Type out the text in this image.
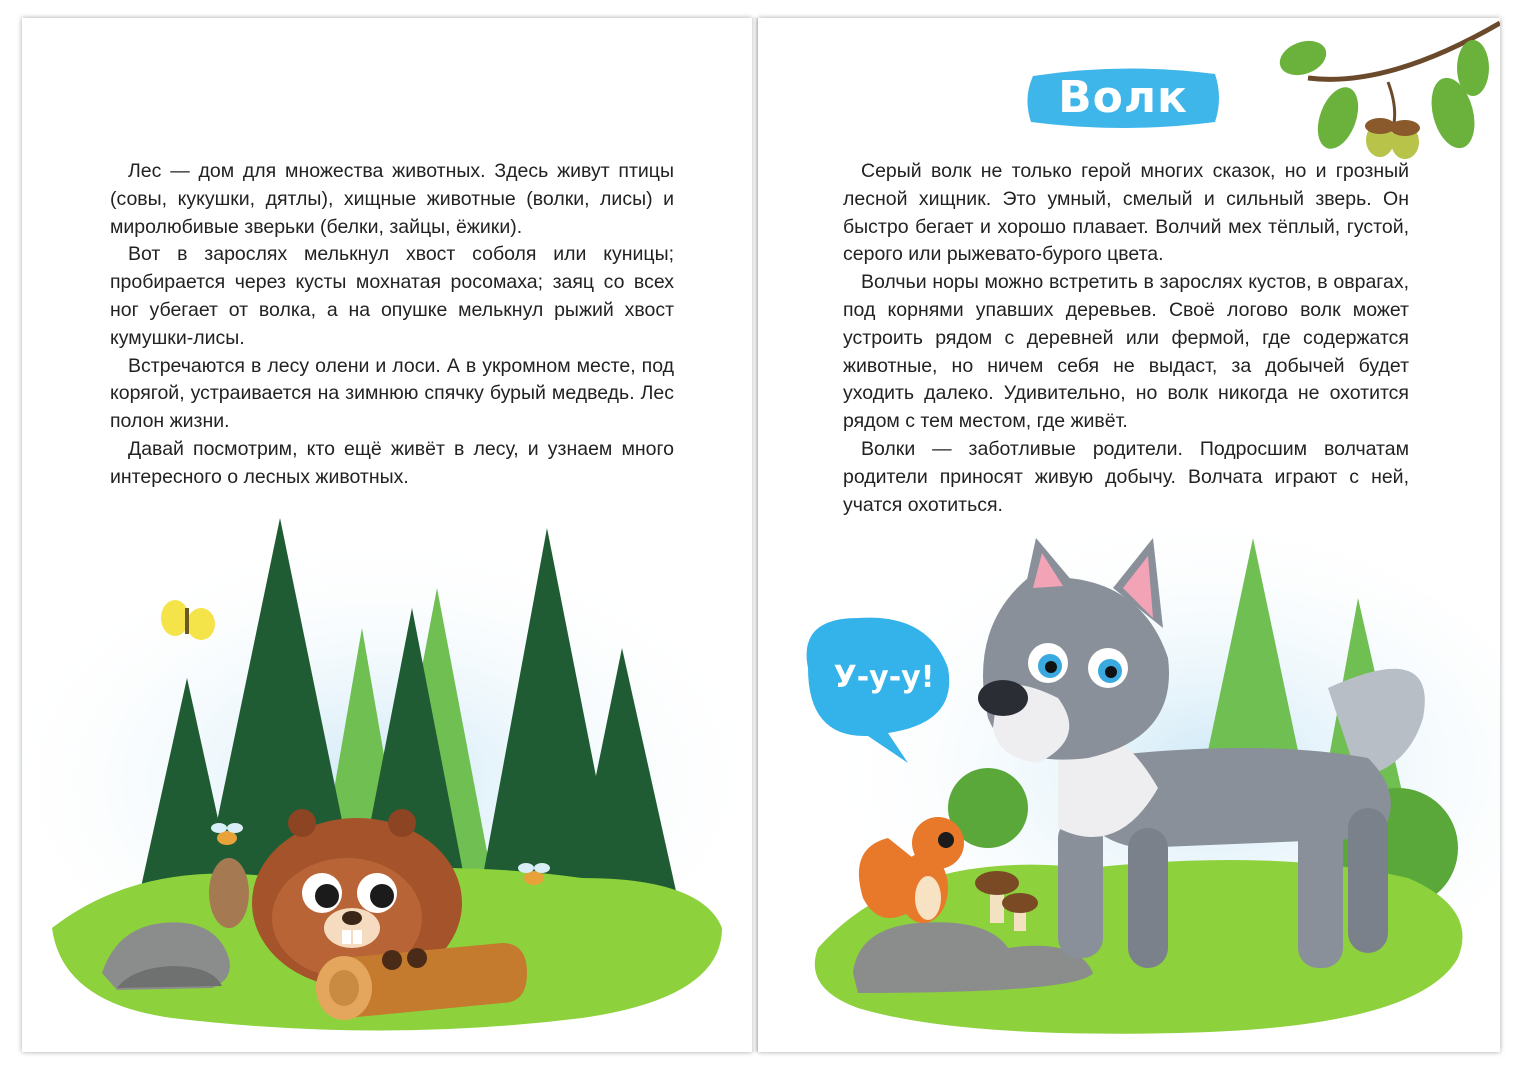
Лес — дом для множества животных. Здесь живут птицы (совы, кукушки, дятлы), хищные животные (волки, лисы) и миролюбивые зверьки (белки, зайцы, ёжики).

Вот в зарослях мелькнул хвост соболя или куницы; пробирается через кусты мохнатая росомаха; заяц со всех ног убегает от волка, а на опушке мелькнул рыжий хвост кумушки-лисы.

Встречаются в лесу олени и лоси. А в укромном месте, под корягой, устраивается на зимнюю спячку бурый медведь. Лес полон жизни.

Давай посмотрим, кто ещё живёт в лесу, и узнаем много интересного о лесных животных.

Волк

Серый волк не только герой многих сказок, но и грозный лесной хищник. Это умный, смелый и сильный зверь. Он быстро бегает и хорошо плавает. Волчий мех тёплый, густой, серого или рыжевато-бурого цвета.

Волчьи норы можно встретить в зарослях кустов, в оврагах, под корнями упавших деревьев. Своё логово волк может устроить рядом с деревней или фермой, где содержатся животные, но ничем себя не выдаст, за добычей будет уходить далеко. Удивительно, но волк никогда не охотится рядом с тем местом, где живёт.

Волки — заботливые родители. Подросшим волчатам родители приносят живую добычу. Волчата играют с ней, учатся охотиться.

У-у-у!
